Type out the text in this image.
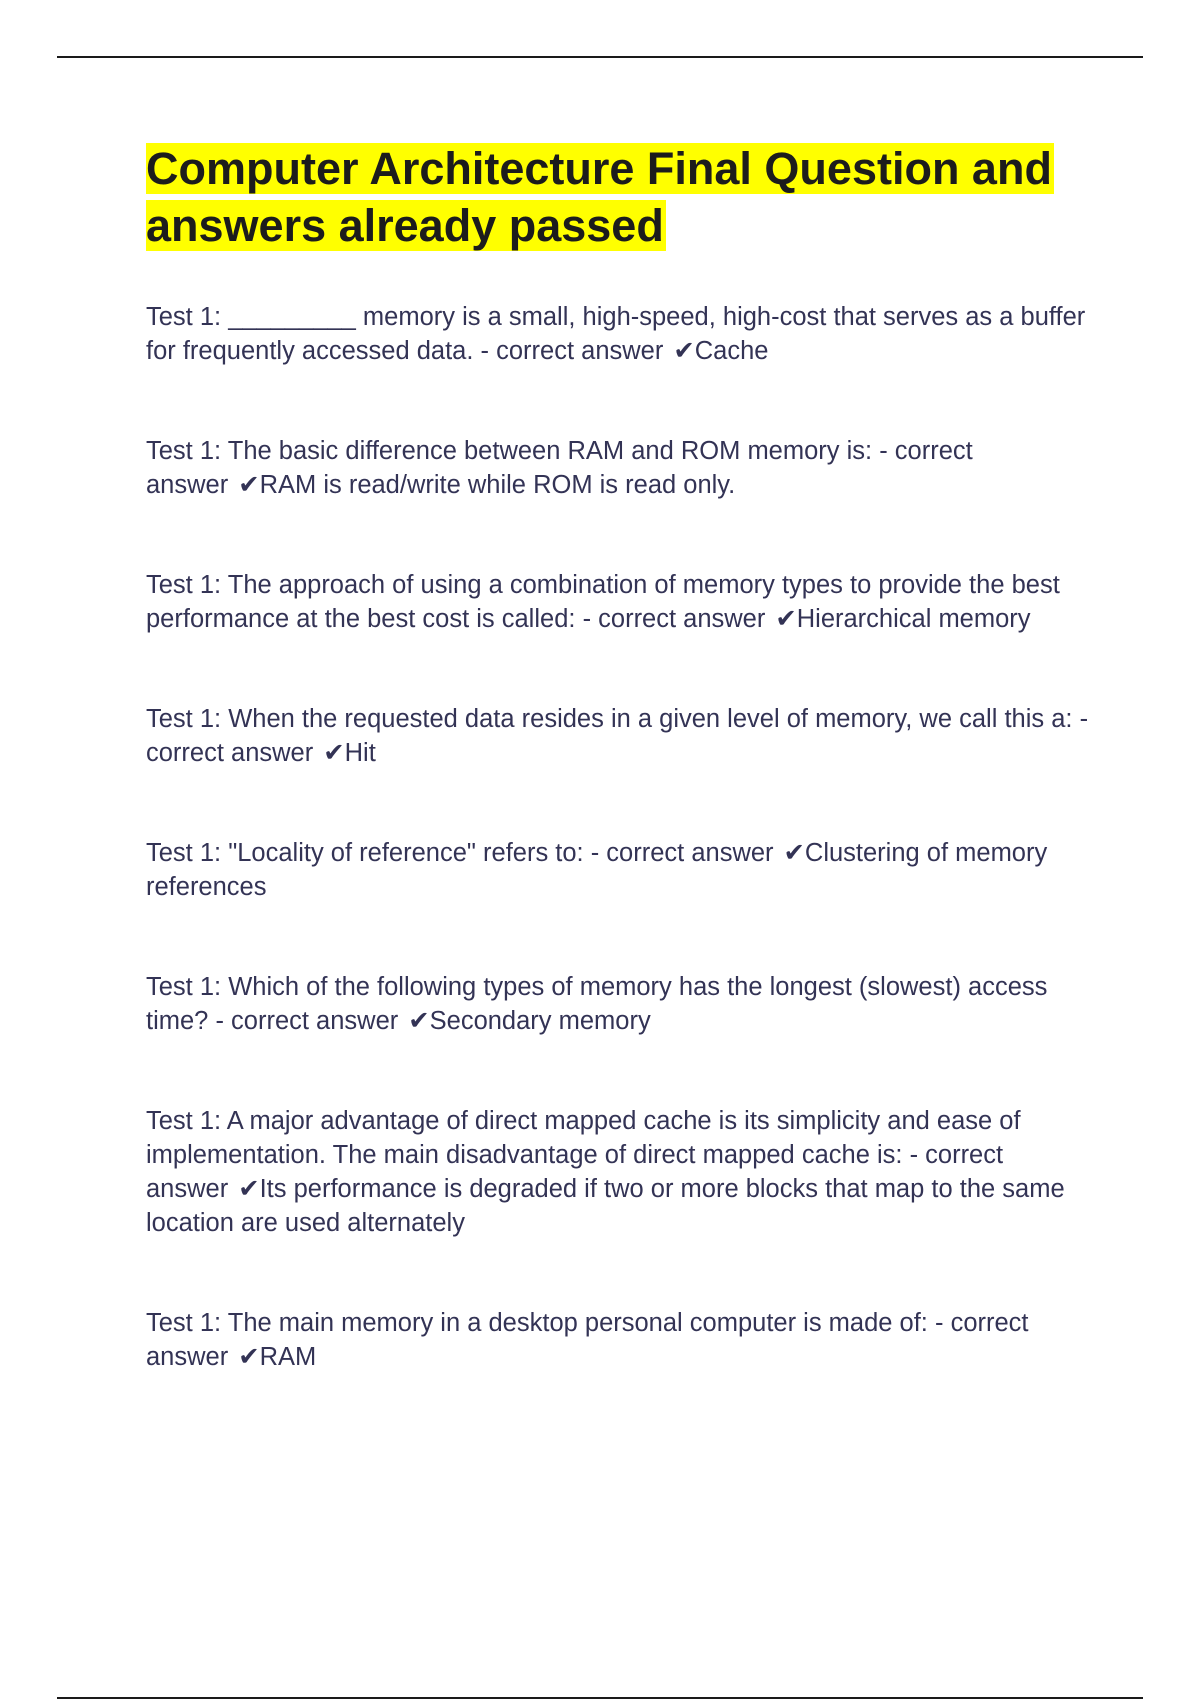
Computer Architecture Final Question and answers already passed

Test 1: _________ memory is a small, high-speed, high-cost that serves as a buffer for frequently accessed data. - correct answer ✔Cache

Test 1: The basic difference between RAM and ROM memory is: - correct answer ✔RAM is read/write while ROM is read only.

Test 1: The approach of using a combination of memory types to provide the best performance at the best cost is called: - correct answer ✔Hierarchical memory

Test 1: When the requested data resides in a given level of memory, we call this a: - correct answer ✔Hit

Test 1: "Locality of reference" refers to: - correct answer ✔Clustering of memory references

Test 1: Which of the following types of memory has the longest (slowest) access time? - correct answer ✔Secondary memory

Test 1: A major advantage of direct mapped cache is its simplicity and ease of implementation. The main disadvantage of direct mapped cache is: - correct answer ✔Its performance is degraded if two or more blocks that map to the same location are used alternately

Test 1: The main memory in a desktop personal computer is made of: - correct answer ✔RAM
